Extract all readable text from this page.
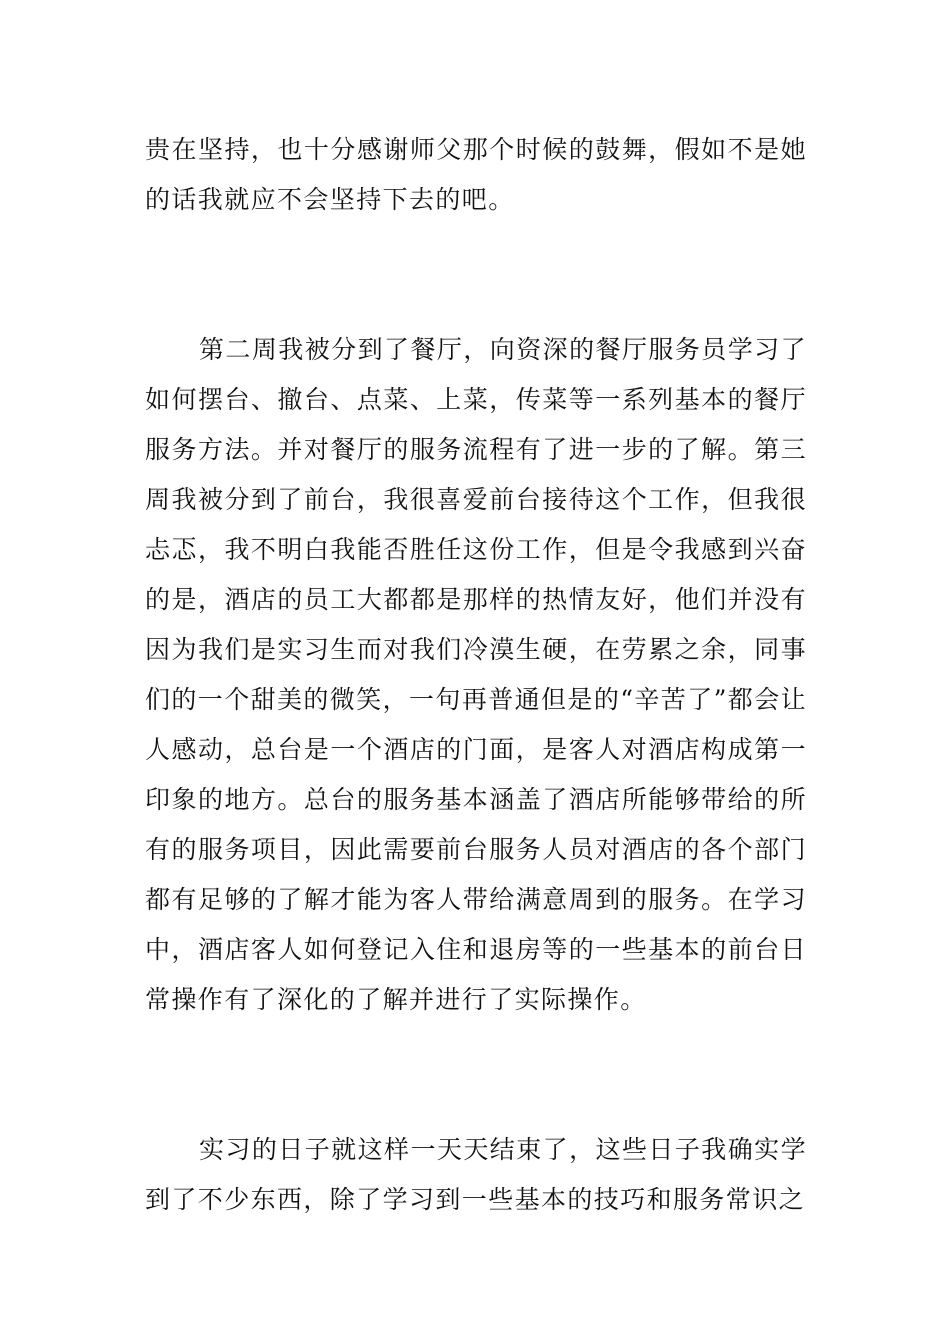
贵在坚持，也十分感谢师父那个时候的鼓舞，假如不是她的话我就应不会坚持下去的吧。

第二周我被分到了餐厅，向资深的餐厅服务员学习了如何摆台、撤台、点菜、上菜，传菜等一系列基本的餐厅服务方法。并对餐厅的服务流程有了进一步的了解。第三周我被分到了前台，我很喜爱前台接待这个工作，但我很忐忑，我不明白我能否胜任这份工作，但是令我感到兴奋的是，酒店的员工大都都是那样的热情友好，他们并没有因为我们是实习生而对我们冷漠生硬，在劳累之余，同事们的一个甜美的微笑，一句再普通但是的“辛苦了”都会让人感动，总台是一个酒店的门面，是客人对酒店构成第一印象的地方。总台的服务基本涵盖了酒店所能够带给的所有的服务项目，因此需要前台服务人员对酒店的各个部门都有足够的了解才能为客人带给满意周到的服务。在学习中，酒店客人如何登记入住和退房等的一些基本的前台日常操作有了深化的了解并进行了实际操作。

实习的日子就这样一天天结束了，这些日子我确实学到了不少东西，除了学习到一些基本的技巧和服务常识之
